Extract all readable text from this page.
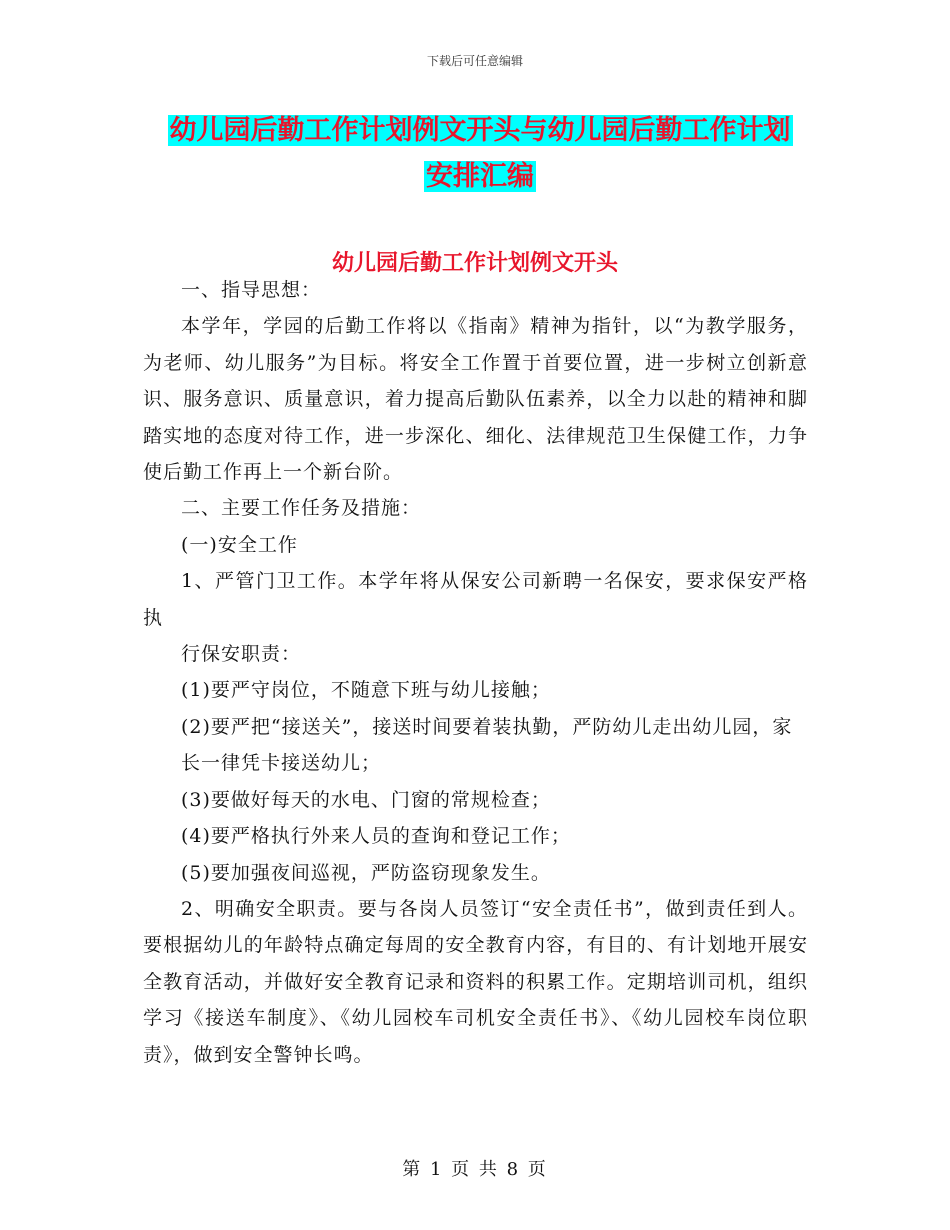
下载后可任意编辑
幼儿园后勤工作计划例文开头与幼儿园后勤工作计划
安排汇编
幼儿园后勤工作计划例文开头

一、指导思想：

本学年，学园的后勤工作将以《指南》精神为指针，以“为教学服务，为老师、幼儿服务”为目标。将安全工作置于首要位置，进一步树立创新意识、服务意识、质量意识，着力提高后勤队伍素养，以全力以赴的精神和脚踏实地的态度对待工作，进一步深化、细化、法律规范卫生保健工作，力争使后勤工作再上一个新台阶。

二、主要工作任务及措施：

(一)安全工作

1、严管门卫工作。本学年将从保安公司新聘一名保安，要求保安严格执

行保安职责：

(1)要严守岗位，不随意下班与幼儿接触；

(2)要严把“接送关”，接送时间要着装执勤，严防幼儿走出幼儿园，家

长一律凭卡接送幼儿；

(3)要做好每天的水电、门窗的常规检查；

(4)要严格执行外来人员的查询和登记工作；

(5)要加强夜间巡视，严防盗窃现象发生。

2、明确安全职责。要与各岗人员签订“安全责任书”，做到责任到人。要根据幼儿的年龄特点确定每周的安全教育内容，有目的、有计划地开展安全教育活动，并做好安全教育记录和资料的积累工作。定期培训司机，组织学习《接送车制度》、《幼儿园校车司机安全责任书》、《幼儿园校车岗位职责》，做到安全警钟长鸣。

第 1 页 共 8 页
